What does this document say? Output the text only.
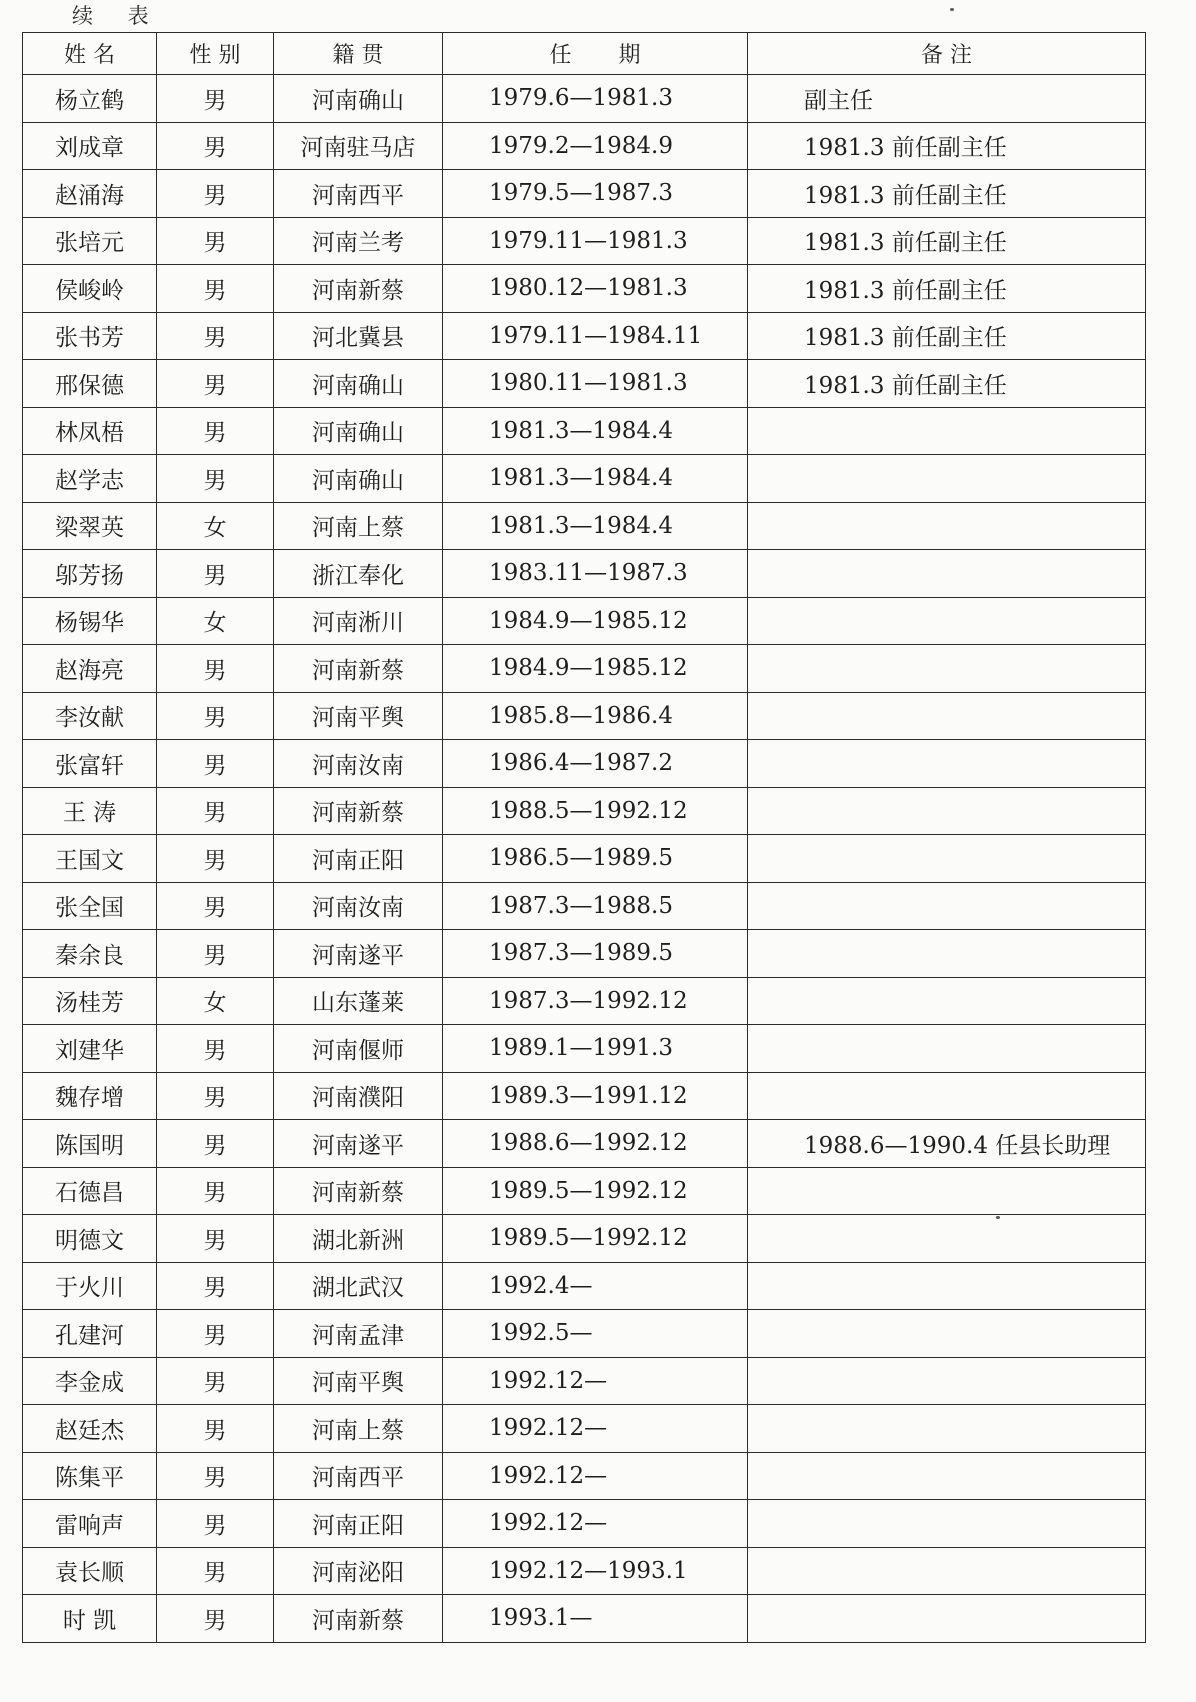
续 表
姓 名	性 别	籍 贯	任 期	备 注
杨立鹤	男	河南确山	1979.6—1981.3	副主任
刘成章	男	河南驻马店	1979.2—1984.9	1981.3 前任副主任
赵涌海	男	河南西平	1979.5—1987.3	1981.3 前任副主任
张培元	男	河南兰考	1979.11—1981.3	1981.3 前任副主任
侯峻岭	男	河南新蔡	1980.12—1981.3	1981.3 前任副主任
张书芳	男	河北冀县	1979.11—1984.11	1981.3 前任副主任
邢保德	男	河南确山	1980.11—1981.3	1981.3 前任副主任
林凤梧	男	河南确山	1981.3—1984.4	
赵学志	男	河南确山	1981.3—1984.4	
梁翠英	女	河南上蔡	1981.3—1984.4	
邬芳扬	男	浙江奉化	1983.11—1987.3	
杨锡华	女	河南淅川	1984.9—1985.12	
赵海亮	男	河南新蔡	1984.9—1985.12	
李汝献	男	河南平舆	1985.8—1986.4	
张富轩	男	河南汝南	1986.4—1987.2	
王 涛	男	河南新蔡	1988.5—1992.12	
王国文	男	河南正阳	1986.5—1989.5	
张全国	男	河南汝南	1987.3—1988.5	
秦余良	男	河南遂平	1987.3—1989.5	
汤桂芳	女	山东蓬莱	1987.3—1992.12	
刘建华	男	河南偃师	1989.1—1991.3	
魏存增	男	河南濮阳	1989.3—1991.12	
陈国明	男	河南遂平	1988.6—1992.12	1988.6—1990.4 任县长助理
石德昌	男	河南新蔡	1989.5—1992.12	
明德文	男	湖北新洲	1989.5—1992.12	
于火川	男	湖北武汉	1992.4—	
孔建河	男	河南孟津	1992.5—	
李金成	男	河南平舆	1992.12—	
赵廷杰	男	河南上蔡	1992.12—	
陈集平	男	河南西平	1992.12—	
雷响声	男	河南正阳	1992.12—	
袁长顺	男	河南泌阳	1992.12—1993.1	
时 凯	男	河南新蔡	1993.1—	
